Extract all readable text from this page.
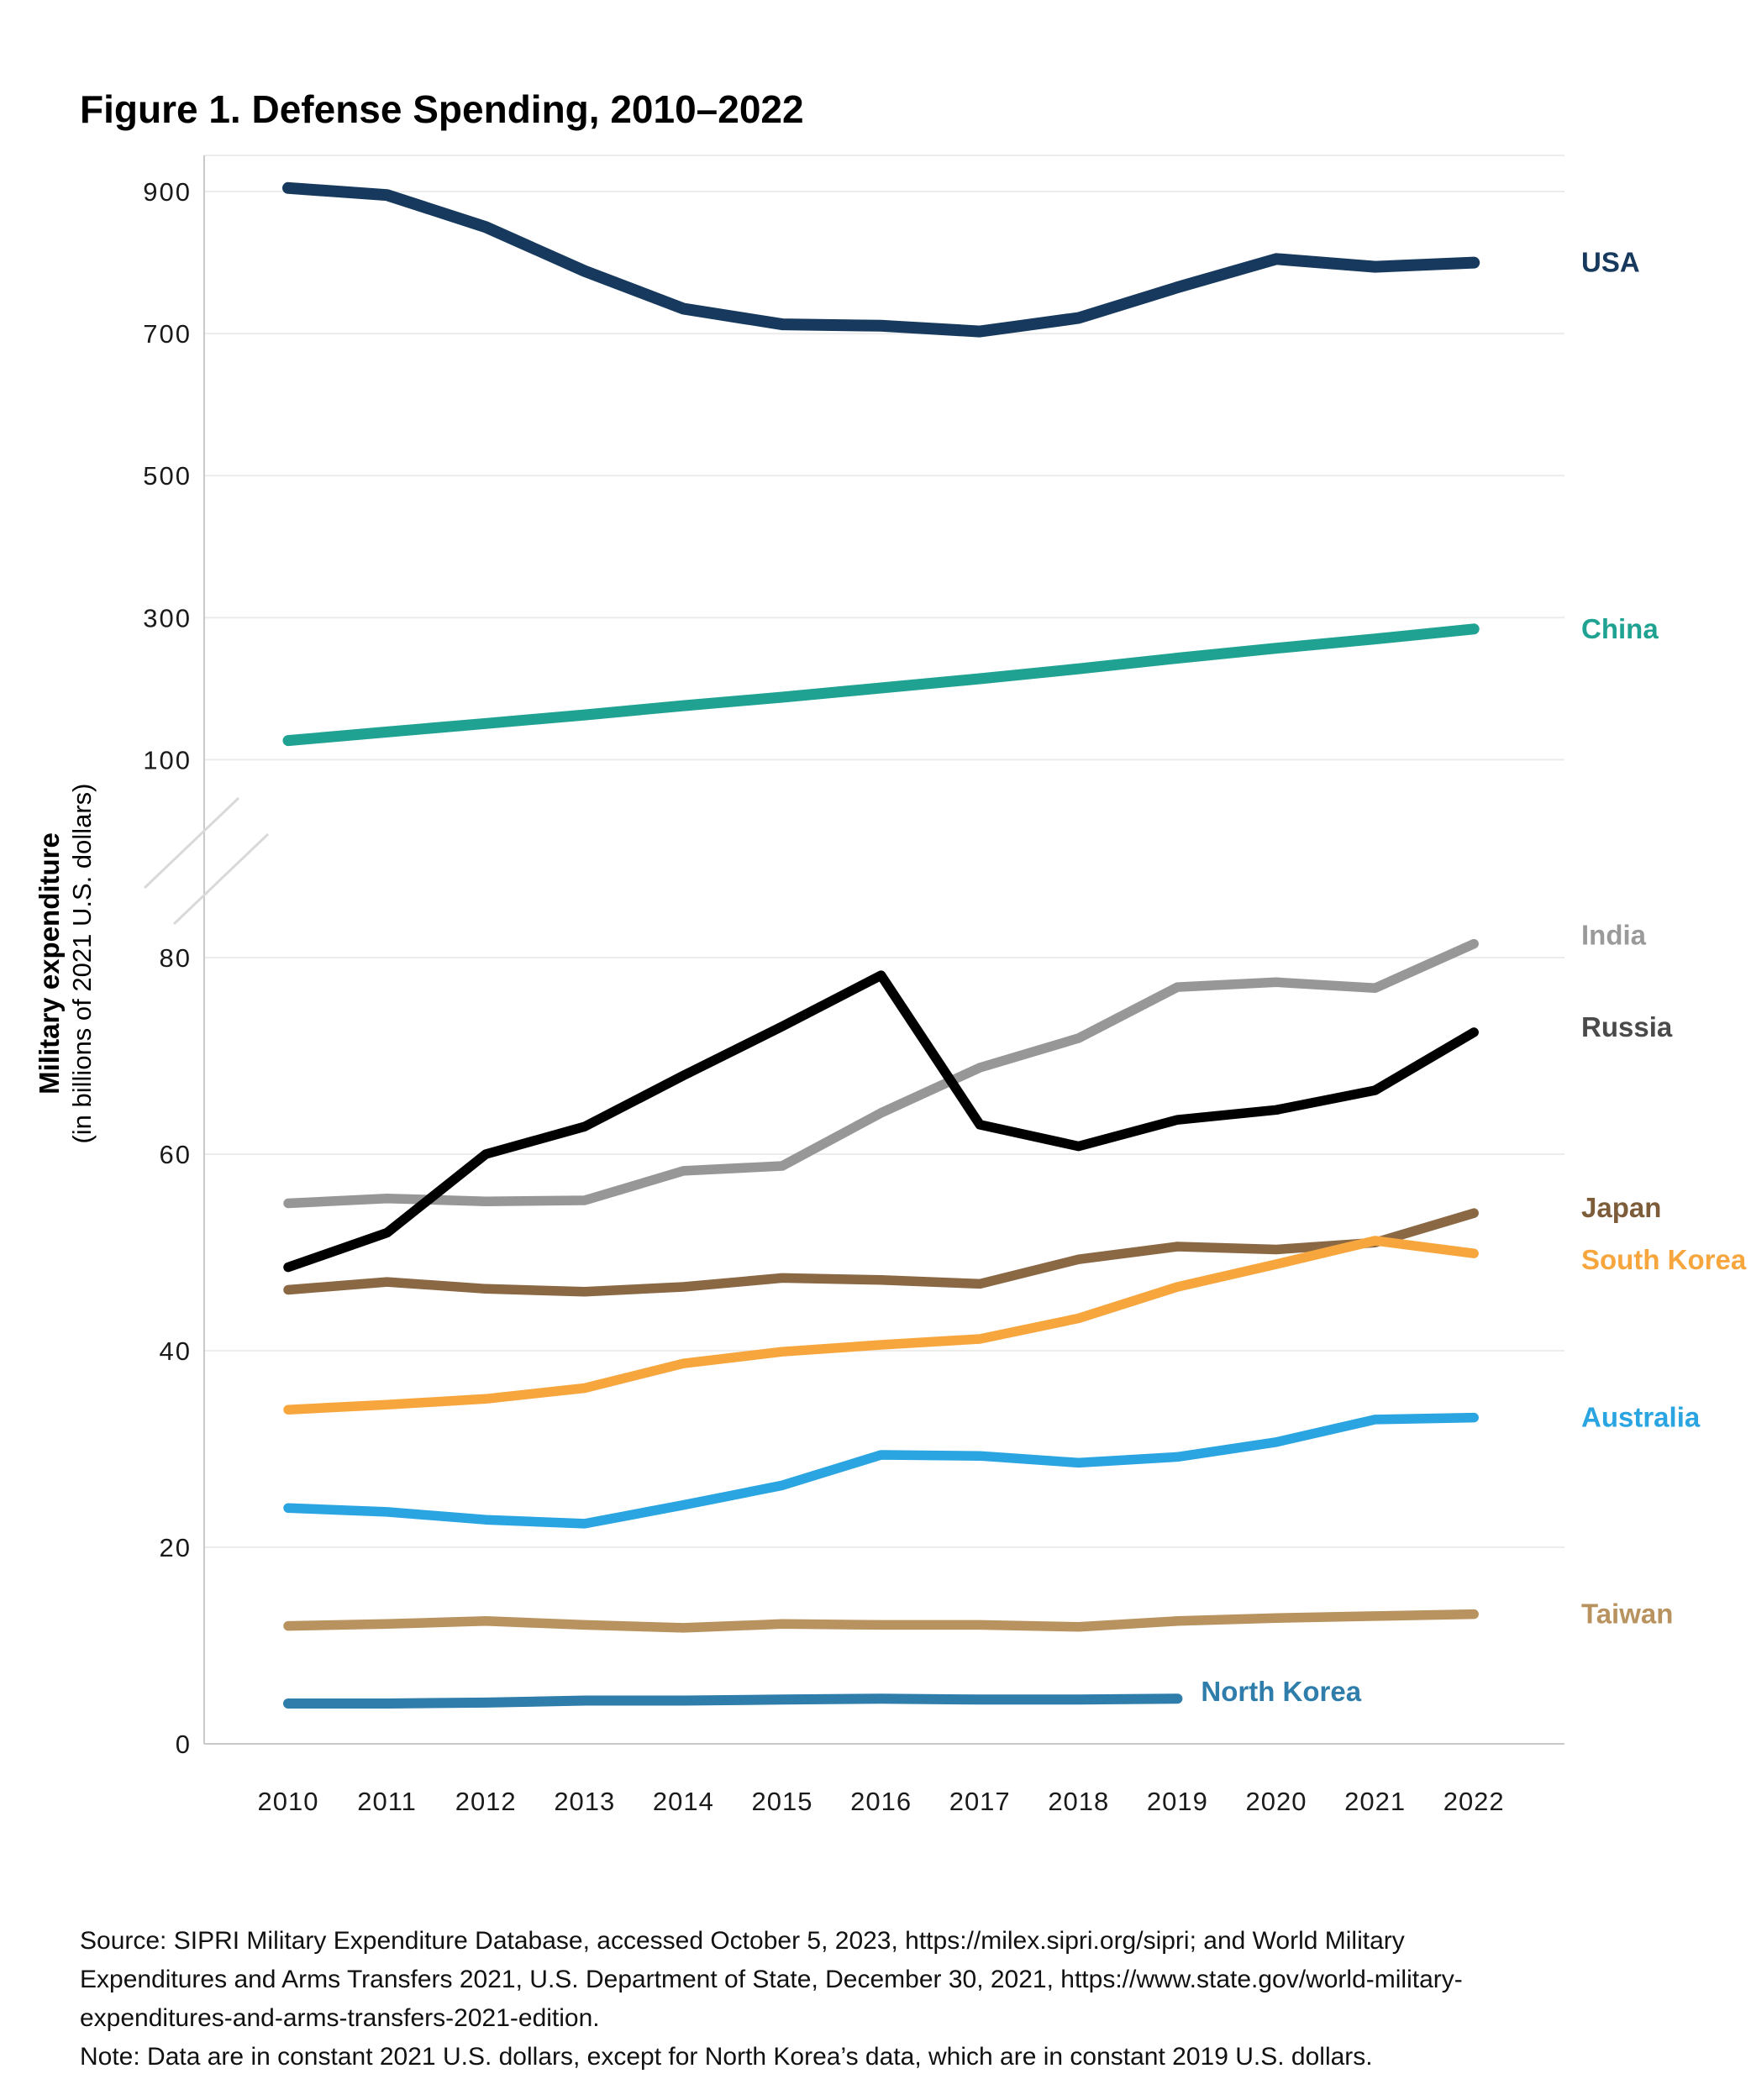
Figure 1. Defense Spending, 2010–2022
Military expenditure (in billions of 2021 U.S. dollars)
900
700
500
300
100
80
60
40
20
0
2010 2011 2012 2013 2014 2015 2016 2017 2018 2019 2020 2021 2022
USA
China
India
Russia
Japan
South Korea
Australia
Taiwan
North Korea
Source: SIPRI Military Expenditure Database, accessed October 5, 2023, https://milex.sipri.org/sipri; and World Military
Expenditures and Arms Transfers 2021, U.S. Department of State, December 30, 2021, https://www.state.gov/world-military-
expenditures-and-arms-transfers-2021-edition.
Note: Data are in constant 2021 U.S. dollars, except for North Korea’s data, which are in constant 2019 U.S. dollars.
